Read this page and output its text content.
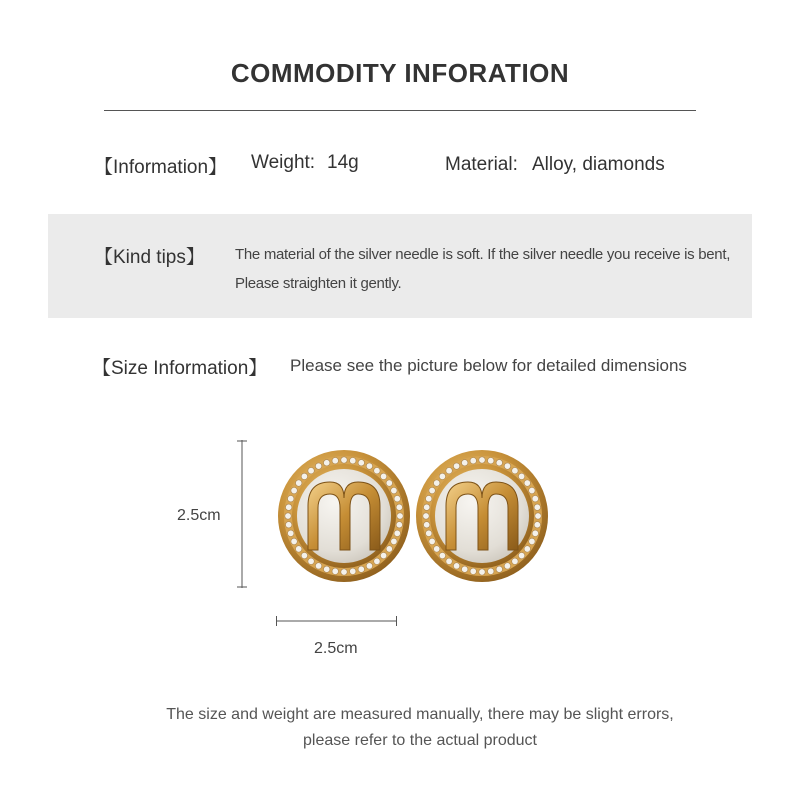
COMMODITY INFORATION
【Information】 Weight: 14g	Material: Alloy, diamonds
【Kind tips】 The material of the silver needle is soft. If the silver needle you receive is bent,
Please straighten it gently.
【Size Information】 Please see the picture below for detailed dimensions
2.5cm
2.5cm
The size and weight are measured manually, there may be slight errors,
please refer to the actual product
